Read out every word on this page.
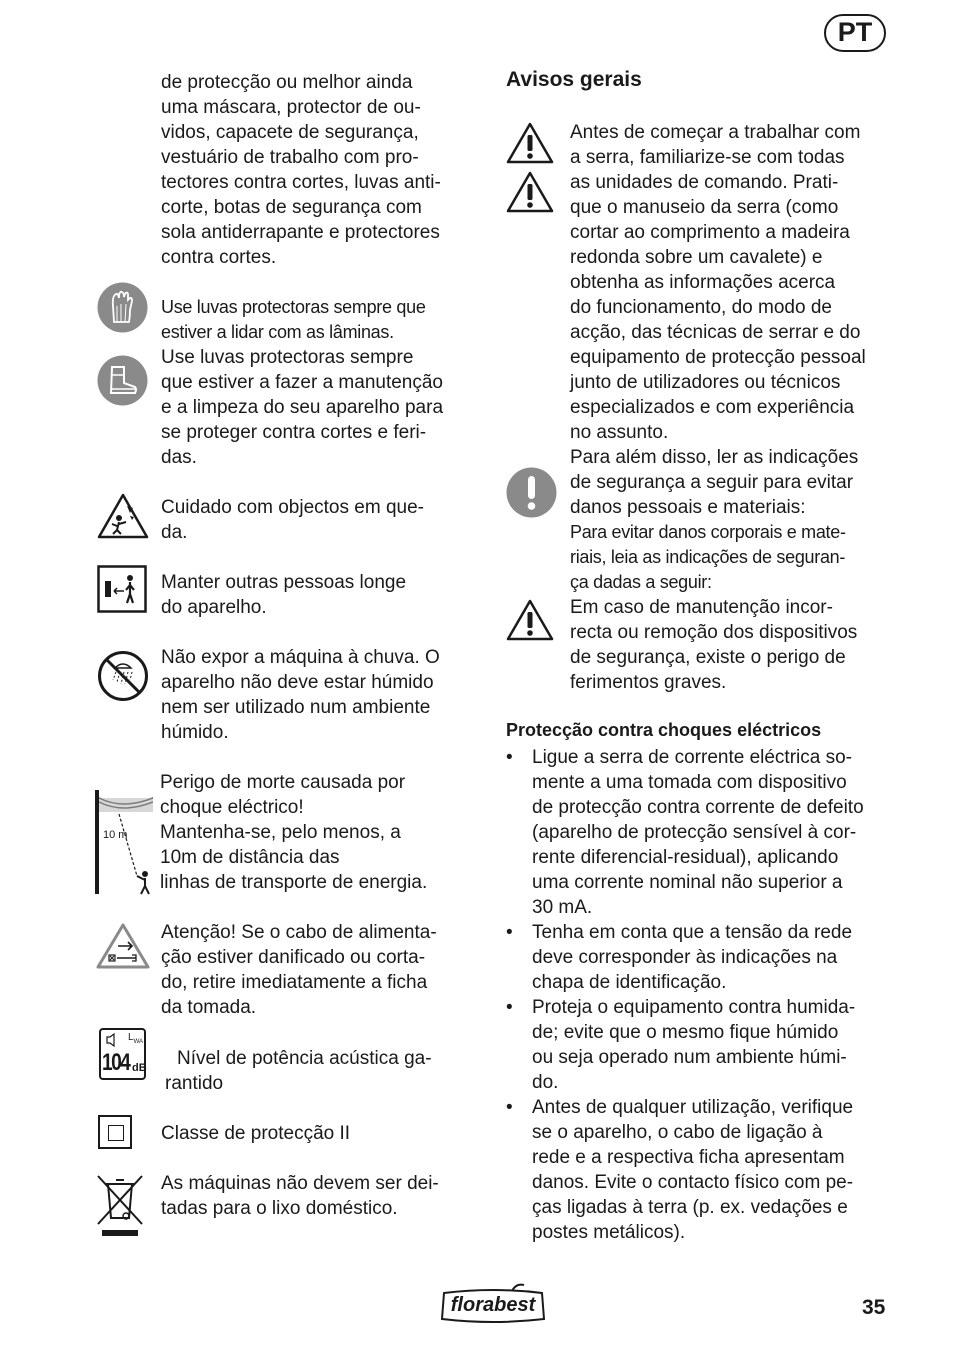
PT
de protecção ou melhor ainda
uma máscara, protector de ou-
vidos, capacete de segurança,
vestuário de trabalho com pro-
tectores contra cortes, luvas anti-
corte, botas de segurança com
sola antiderrapante e protectores
contra cortes.
Use luvas protectoras sempre que
estiver a lidar com as lâminas.
Use luvas protectoras sempre
que estiver a fazer a manutenção
e a limpeza do seu aparelho para
se proteger contra cortes e feri-
das.
Cuidado com objectos em que-
da.
Manter outras pessoas longe
do aparelho.
Não expor a máquina à chuva. O
aparelho não deve estar húmido
nem ser utilizado num ambiente
húmido.
10 m
Perigo de morte causada por
choque eléctrico!
Mantenha-se, pelo menos, a
10m de distância das
linhas de transporte de energia.
Atenção! Se o cabo de alimenta-
ção estiver danificado ou corta-
do, retire imediatamente a ficha
da tomada.
$L_{WA}$
104 dB	Nível de potência acústica ga-
rantido
Classe de protecção II
As máquinas não devem ser dei-
tadas para o lixo doméstico.
Avisos gerais
Antes de começar a trabalhar com
a serra, familiarize-se com todas
as unidades de comando. Prati-
que o manuseio da serra (como
cortar ao comprimento a madeira
redonda sobre um cavalete) e
obtenha as informações acerca
do funcionamento, do modo de
acção, das técnicas de serrar e do
equipamento de protecção pessoal
junto de utilizadores ou técnicos
especializados e com experiência
no assunto.
Para além disso, ler as indicações
de segurança a seguir para evitar
danos pessoais e materiais:
Para evitar danos corporais e mate-
riais, leia as indicações de seguran-
ça dadas a seguir:
Em caso de manutenção incor-
recta ou remoção dos dispositivos
de segurança, existe o perigo de
ferimentos graves.
Protecção contra choques eléctricos
• Ligue a serra de corrente eléctrica so-
mente a uma tomada com dispositivo
de protecção contra corrente de defeito
(aparelho de protecção sensível à cor-
rente diferencial-residual), aplicando
uma corrente nominal não superior a
30 mA.
• Tenha em conta que a tensão da rede
deve corresponder às indicações na
chapa de identificação.
• Proteja o equipamento contra humida-
de; evite que o mesmo fique húmido
ou seja operado num ambiente húmi-
do.
• Antes de qualquer utilização, verifique
se o aparelho, o cabo de ligação à
rede e a respectiva ficha apresentam
danos. Evite o contacto físico com pe-
ças ligadas à terra (p. ex. vedações e
postes metálicos).
florabest	35
